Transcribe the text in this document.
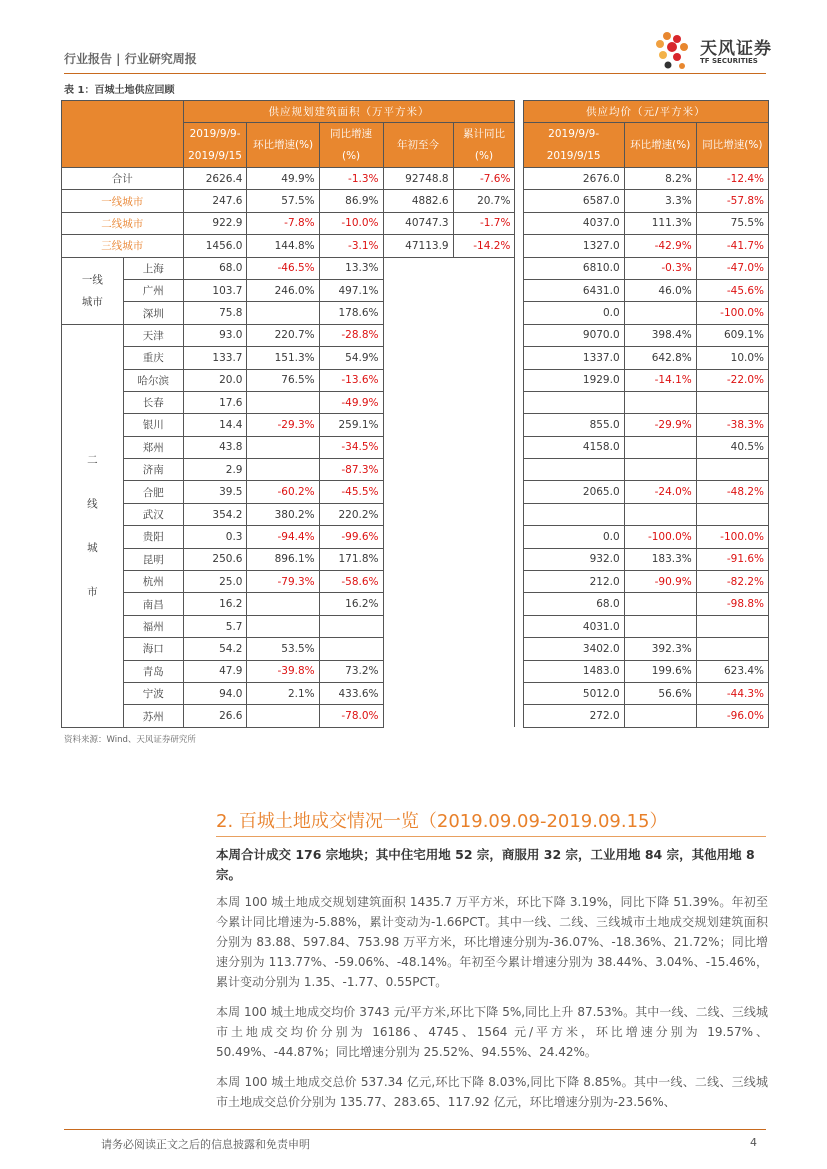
行业报告 | 行业研究周报	天风证券
TF SECURITIES
表 1：百城土地供应回顾
		供应规划建筑面积（万平方米）						供应均价（元/平方米）		
		2019/9/9-2019/9/15	环比增速(%)	同比增速(%)	年初至今	累计同比(%)		2019/9/9-2019/9/15	环比增速(%)	同比增速(%)
合计		2626.4	49.9%	-1.3%	92748.8	-7.6%		2676.0	8.2%	-12.4%
一线城市		247.6	57.5%	86.9%	4882.6	20.7%		6587.0	3.3%	-57.8%
二线城市		922.9	-7.8%	-10.0%	40747.3	-1.7%		4037.0	111.3%	75.5%
三线城市		1456.0	144.8%	-3.1%	47113.9	-14.2%		1327.0	-42.9%	-41.7%
一线
城市	上海	68.0	-46.5%	13.3%				6810.0	-0.3%	-47.0%
	广州	103.7	246.0%	497.1%				6431.0	46.0%	-45.6%
	深圳	75.8		178.6%				0.0		-100.0%
二

线

城

市	天津	93.0	220.7%	-28.8%				9070.0	398.4%	609.1%
	重庆	133.7	151.3%	54.9%				1337.0	642.8%	10.0%
	哈尔滨	20.0	76.5%	-13.6%				1929.0	-14.1%	-22.0%
	长春	17.6		-49.9%						
	银川	14.4	-29.3%	259.1%				855.0	-29.9%	-38.3%
	郑州	43.8		-34.5%				4158.0		40.5%
	济南	2.9		-87.3%						
	合肥	39.5	-60.2%	-45.5%				2065.0	-24.0%	-48.2%
	武汉	354.2	380.2%	220.2%						
	贵阳	0.3	-94.4%	-99.6%				0.0	-100.0%	-100.0%
	昆明	250.6	896.1%	171.8%				932.0	183.3%	-91.6%
	杭州	25.0	-79.3%	-58.6%				212.0	-90.9%	-82.2%
	南昌	16.2		16.2%				68.0		-98.8%
	福州	5.7						4031.0		
	海口	54.2	53.5%					3402.0	392.3%	
	青岛	47.9	-39.8%	73.2%				1483.0	199.6%	623.4%
	宁波	94.0	2.1%	433.6%				5012.0	56.6%	-44.3%
	苏州	26.6		-78.0%				272.0		-96.0%
资料来源：Wind、天风证券研究所
2. 百城土地成交情况一览（2019.09.09-2019.09.15）
本周合计成交 176 宗地块；其中住宅用地 52 宗，商服用 32 宗，工业用地 84 宗，其他用地 8 宗。
本周 100 城土地成交规划建筑面积 1435.7 万平方米，环比下降 3.19%，同比下降 51.39%。年初至今累计同比增速为-5.88%，累计变动为-1.66PCT。其中一线、二线、三线城市土地成交规划建筑面积分别为 83.88、597.84、753.98 万平方米，环比增速分别为-36.07%、-18.36%、21.72%；同比增速分别为 113.77%、-59.06%、-48.14%。年初至今累计增速分别为 38.44%、3.04%、-15.46%，累计变动分别为 1.35、-1.77、0.55PCT。
本周 100 城土地成交均价 3743 元/平方米,环比下降 5%,同比上升 87.53%。其中一线、二线、三线城市土地成交均价分别为 16186、4745、1564 元/平方米，环比增速分别为 19.57%、50.49%、-44.87%；同比增速分别为 25.52%、94.55%、24.42%。
本周 100 城土地成交总价 537.34 亿元,环比下降 8.03%,同比下降 8.85%。其中一线、二线、三线城市土地成交总价分别为 135.77、283.65、117.92 亿元，环比增速分别为-23.56%、
请务必阅读正文之后的信息披露和免责申明	4
